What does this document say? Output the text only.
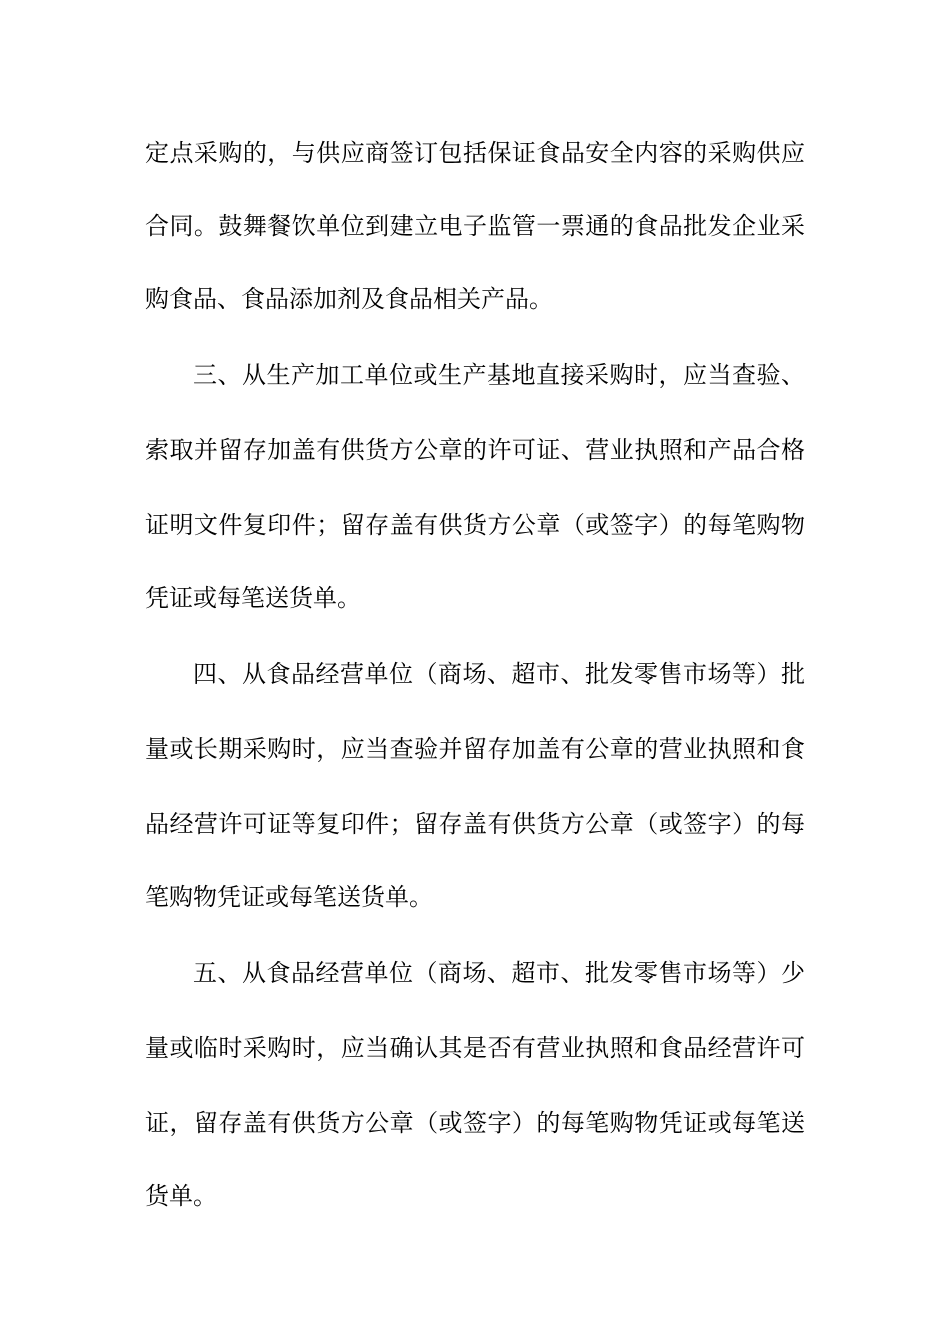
定点采购的，与供应商签订包括保证食品安全内容的采购供应

合同。鼓舞餐饮单位到建立电子监管一票通的食品批发企业采

购食品、食品添加剂及食品相关产品。

三、从生产加工单位或生产基地直接采购时，应当查验、

索取并留存加盖有供货方公章的许可证、营业执照和产品合格

证明文件复印件；留存盖有供货方公章（或签字）的每笔购物

凭证或每笔送货单。

四、从食品经营单位（商场、超市、批发零售市场等）批

量或长期采购时，应当查验并留存加盖有公章的营业执照和食

品经营许可证等复印件；留存盖有供货方公章（或签字）的每

笔购物凭证或每笔送货单。

五、从食品经营单位（商场、超市、批发零售市场等）少

量或临时采购时，应当确认其是否有营业执照和食品经营许可

证，留存盖有供货方公章（或签字）的每笔购物凭证或每笔送

货单。
